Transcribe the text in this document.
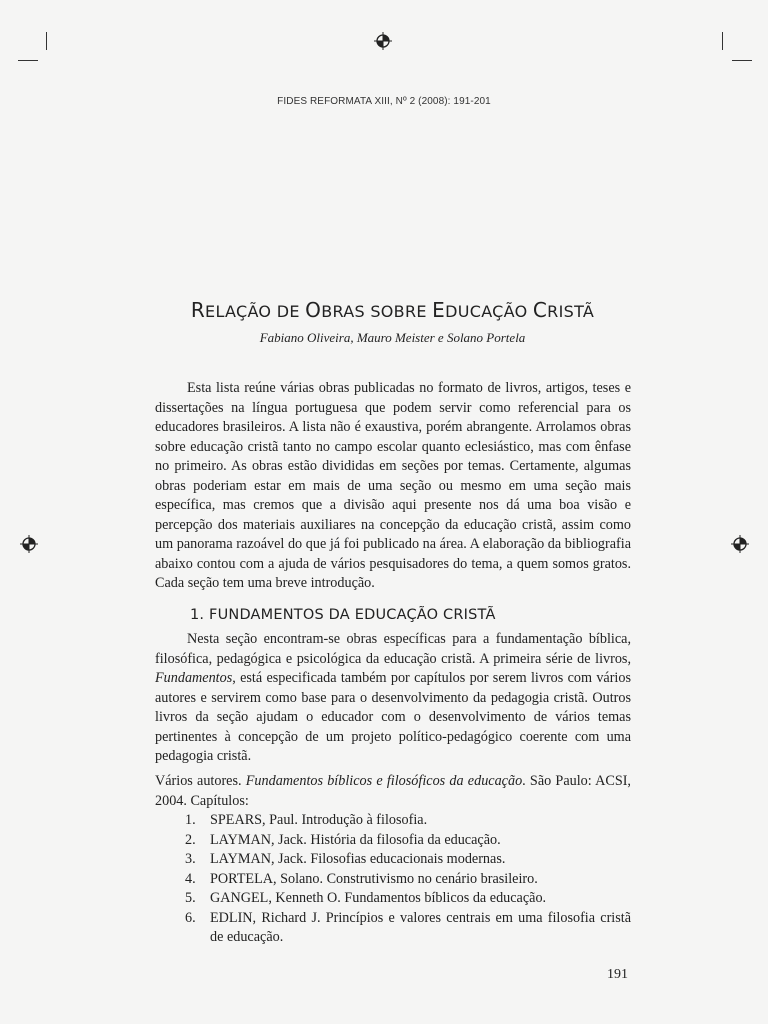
FIDES REFORMATA XIII, Nº 2 (2008): 191-201
RELAÇÃO DE OBRAS SOBRE EDUCAÇÃO CRISTÃ
Fabiano Oliveira, Mauro Meister e Solano Portela

Esta lista reúne várias obras publicadas no formato de livros, artigos, teses e dissertações na língua portuguesa que podem servir como referencial para os educadores brasileiros. A lista não é exaustiva, porém abrangente. Arrolamos obras sobre educação cristã tanto no campo escolar quanto eclesiástico, mas com ênfase no primeiro. As obras estão divididas em seções por temas. Certamente, algumas obras poderiam estar em mais de uma seção ou mesmo em uma seção mais específica, mas cremos que a divisão aqui presente nos dá uma boa visão e percepção dos materiais auxiliares na concepção da educação cristã, assim como um panorama razoável do que já foi publicado na área. A elaboração da bibliografia abaixo contou com a ajuda de vários pesquisadores do tema, a quem somos gratos. Cada seção tem uma breve introdução.

1. FUNDAMENTOS DA EDUCAÇÃO CRISTÃ

Nesta seção encontram-se obras específicas para a fundamentação bíblica, filosófica, pedagógica e psicológica da educação cristã. A primeira série de livros, Fundamentos, está especificada também por capítulos por serem livros com vários autores e servirem como base para o desenvolvimento da pedagogia cristã. Outros livros da seção ajudam o educador com o desenvolvimento de vários temas pertinentes à concepção de um projeto político-pedagógico coerente com uma pedagogia cristã.

Vários autores. Fundamentos bíblicos e filosóficos da educação. São Paulo: ACSI, 2004. Capítulos:

1. SPEARS, Paul. Introdução à filosofia.
2. LAYMAN, Jack. História da filosofia da educação.
3. LAYMAN, Jack. Filosofias educacionais modernas.
4. PORTELA, Solano. Construtivismo no cenário brasileiro.
5. GANGEL, Kenneth O. Fundamentos bíblicos da educação.
6. EDLIN, Richard J. Princípios e valores centrais em uma filosofia cristã de educação.
191
